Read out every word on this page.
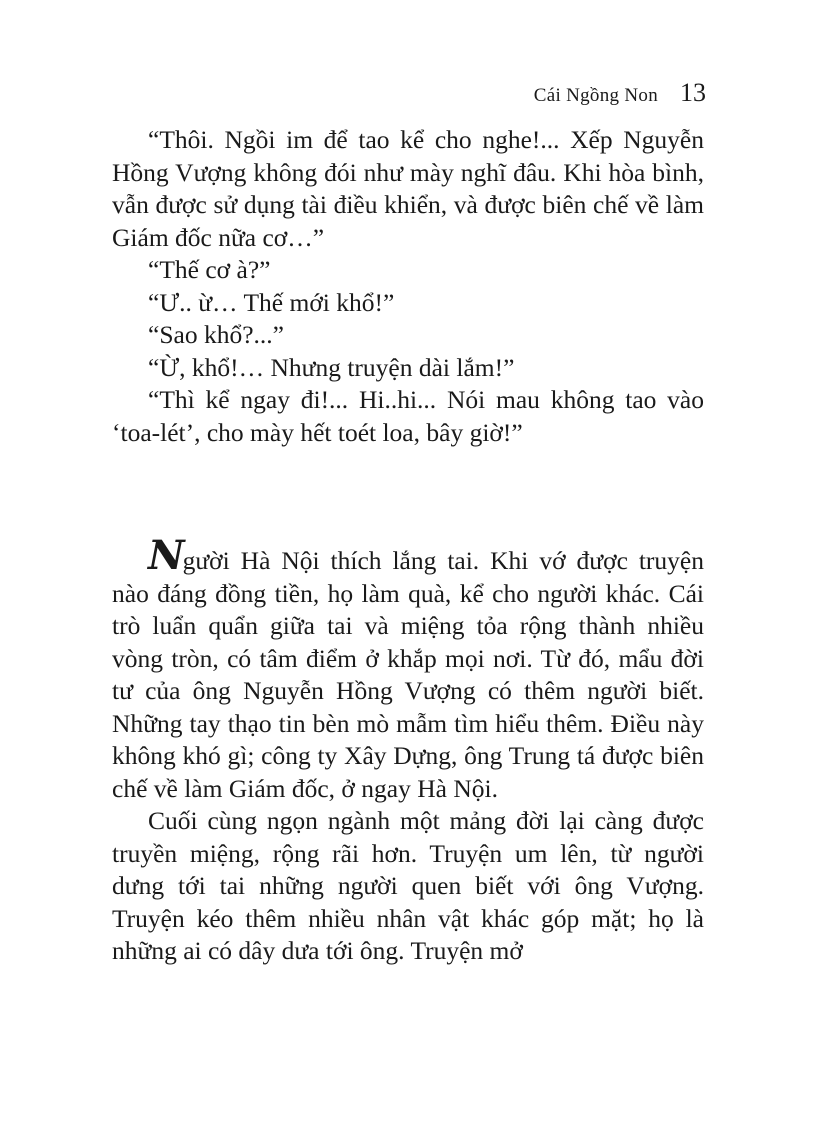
Cái Ngồng Non 13

“Thôi. Ngồi im để tao kể cho nghe!... Xếp Nguyễn Hồng Vượng không đói như mày nghĩ đâu. Khi hòa bình, vẫn được sử dụng tài điều khiển, và được biên chế về làm Giám đốc nữa cơ…”

“Thế cơ à?”

“Ư.. ừ… Thế mới khổ!”

“Sao khổ?...”

“Ừ, khổ!… Nhưng truyện dài lắm!”

“Thì kể ngay đi!... Hi..hi... Nói mau không tao vào ‘toa-lét’, cho mày hết toét loa, bây giờ!”

Người Hà Nội thích lắng tai. Khi vớ được truyện nào đáng đồng tiền, họ làm quà, kể cho người khác. Cái trò luẩn quẩn giữa tai và miệng tỏa rộng thành nhiều vòng tròn, có tâm điểm ở khắp mọi nơi. Từ đó, mẩu đời tư của ông Nguyễn Hồng Vượng có thêm người biết. Những tay thạo tin bèn mò mẫm tìm hiểu thêm. Điều này không khó gì; công ty Xây Dựng, ông Trung tá được biên chế về làm Giám đốc, ở ngay Hà Nội.

Cuối cùng ngọn ngành một mảng đời lại càng được truyền miệng, rộng rãi hơn. Truyện um lên, từ người dưng tới tai những người quen biết với ông Vượng. Truyện kéo thêm nhiều nhân vật khác góp mặt; họ là những ai có dây dưa tới ông. Truyện mở
